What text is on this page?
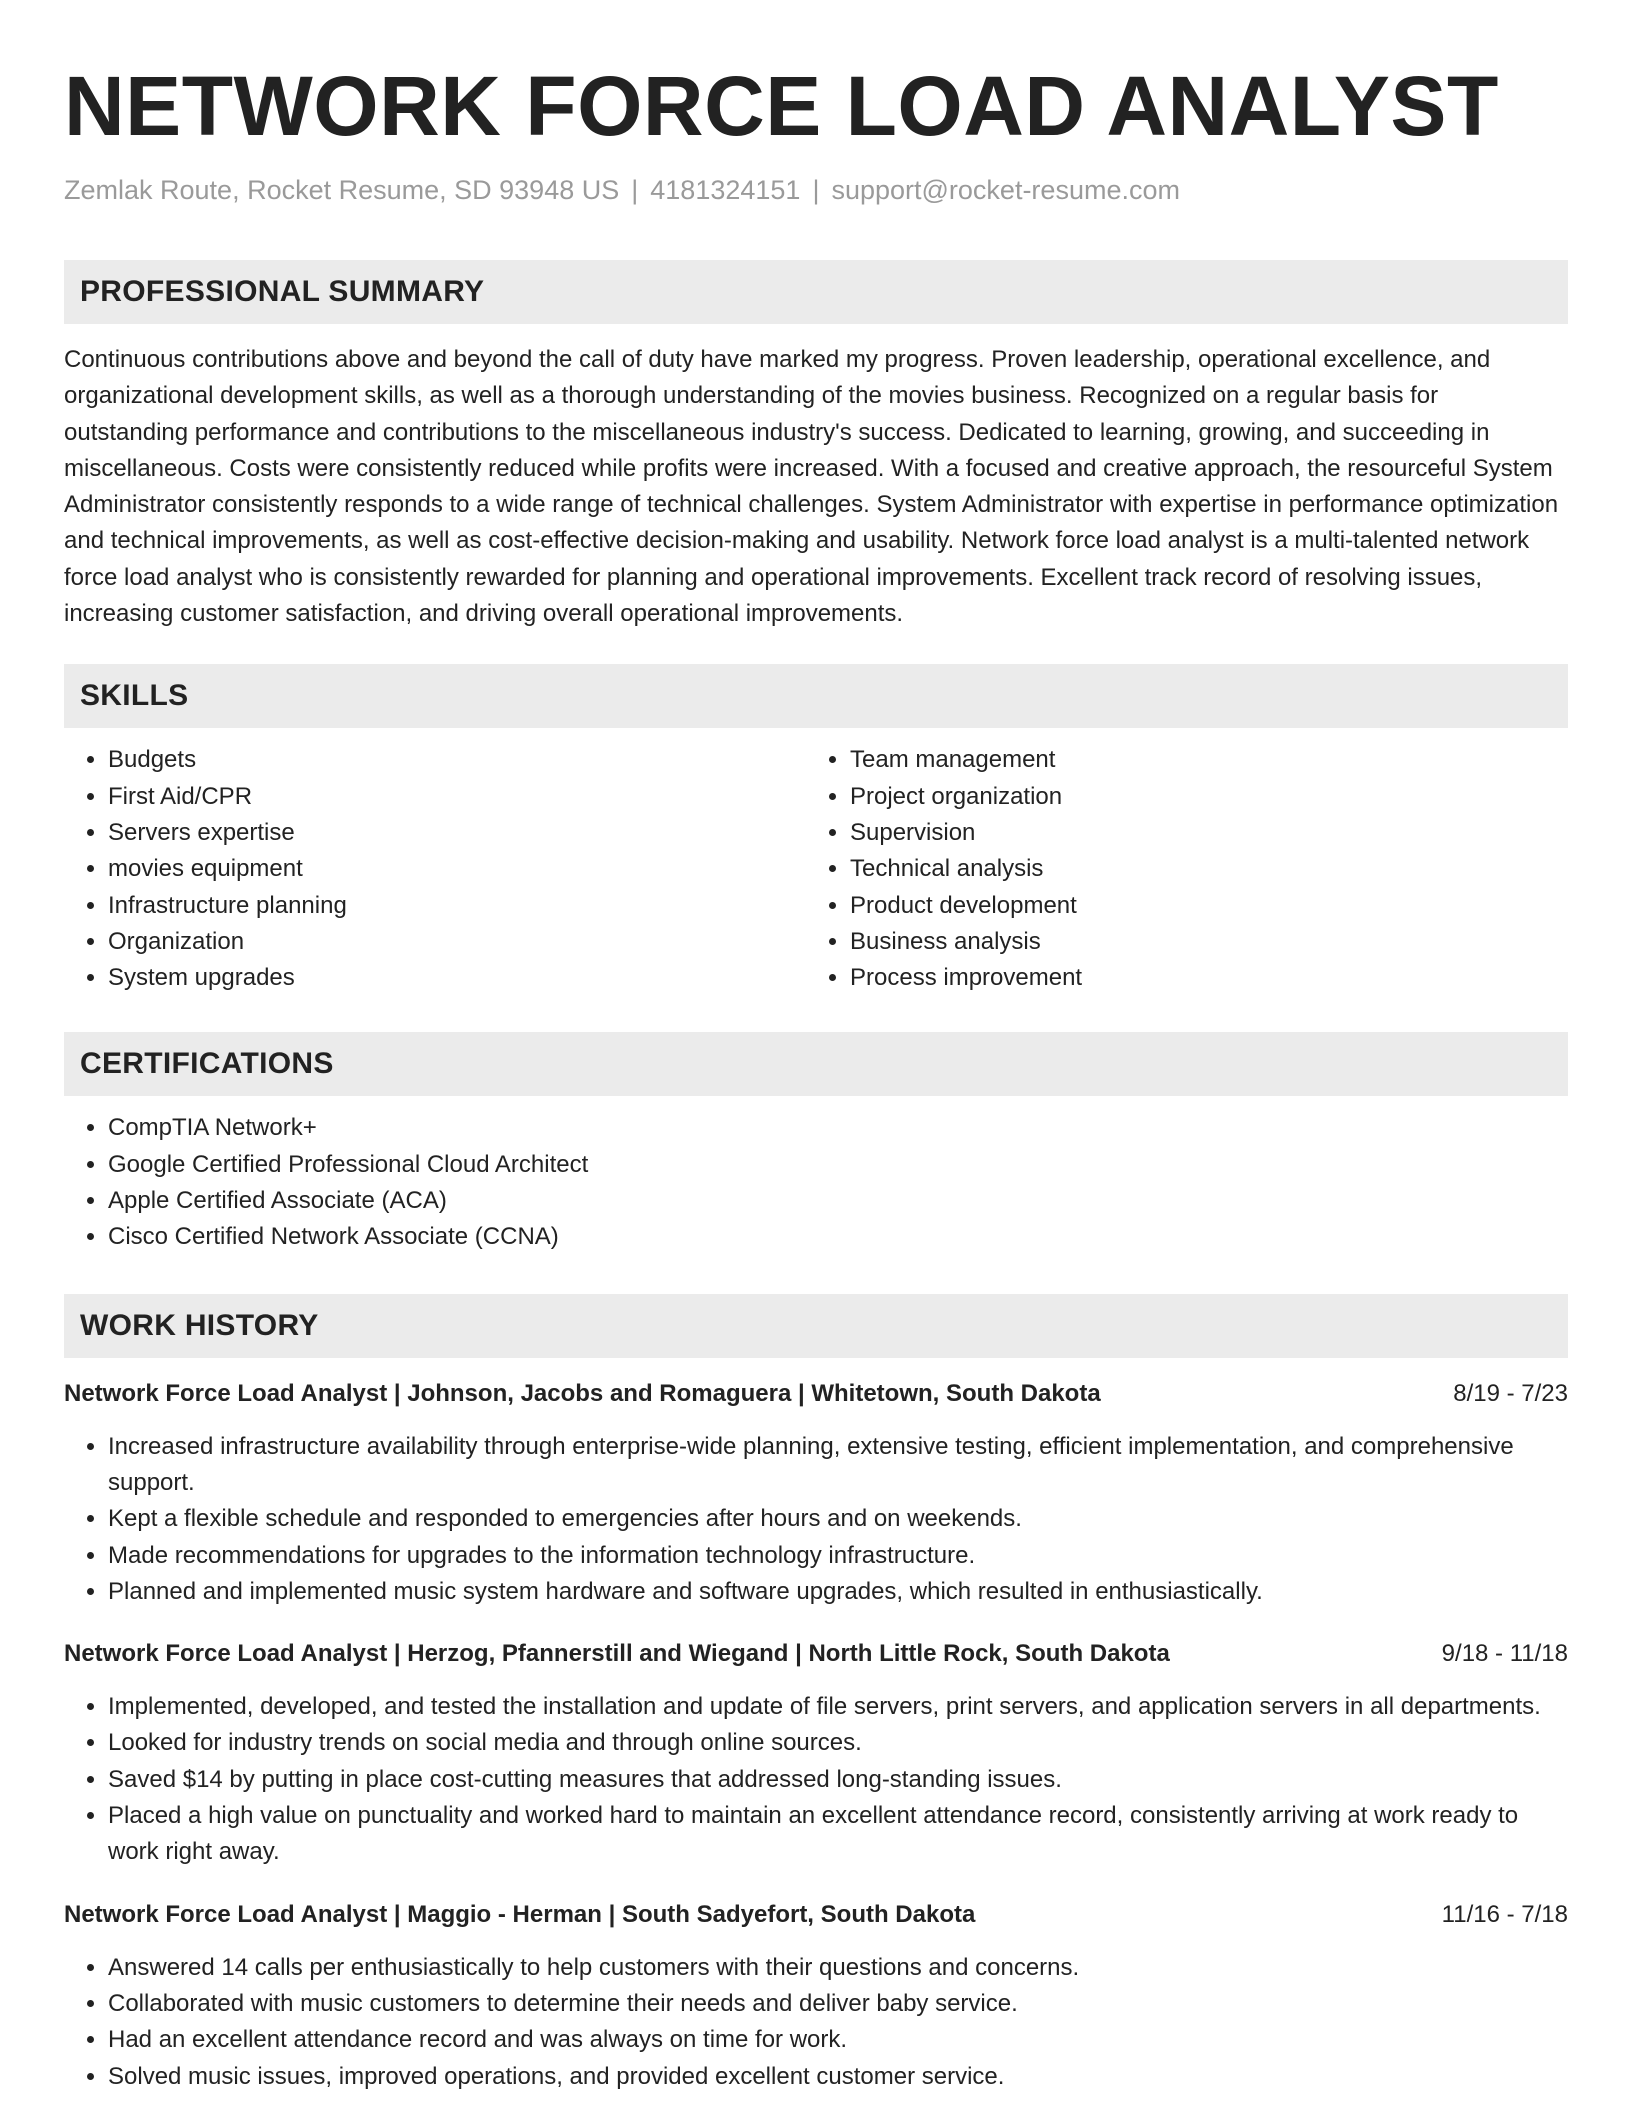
NETWORK FORCE LOAD ANALYST
Zemlak Route, Rocket Resume, SD 93948 US | 4181324151 | support@rocket-resume.com
PROFESSIONAL SUMMARY

Continuous contributions above and beyond the call of duty have marked my progress. Proven leadership, operational excellence, and organizational development skills, as well as a thorough understanding of the movies business. Recognized on a regular basis for outstanding performance and contributions to the miscellaneous industry's success. Dedicated to learning, growing, and succeeding in miscellaneous. Costs were consistently reduced while profits were increased. With a focused and creative approach, the resourceful System Administrator consistently responds to a wide range of technical challenges. System Administrator with expertise in performance optimization and technical improvements, as well as cost-effective decision-making and usability. Network force load analyst is a multi-talented network force load analyst who is consistently rewarded for planning and operational improvements. Excellent track record of resolving issues, increasing customer satisfaction, and driving overall operational improvements.

SKILLS
• Budgets
• First Aid/CPR
• Servers expertise
• movies equipment
• Infrastructure planning
• Organization
• System upgrades
• Team management
• Project organization
• Supervision
• Technical analysis
• Product development
• Business analysis
• Process improvement
CERTIFICATIONS
• CompTIA Network+
• Google Certified Professional Cloud Architect
• Apple Certified Associate (ACA)
• Cisco Certified Network Associate (CCNA)
WORK HISTORY
Network Force Load Analyst | Johnson, Jacobs and Romaguera | Whitetown, South Dakota	8/19 - 7/23
• Increased infrastructure availability through enterprise-wide planning, extensive testing, efficient implementation, and comprehensive support.
• Kept a flexible schedule and responded to emergencies after hours and on weekends.
• Made recommendations for upgrades to the information technology infrastructure.
• Planned and implemented music system hardware and software upgrades, which resulted in enthusiastically.
Network Force Load Analyst | Herzog, Pfannerstill and Wiegand | North Little Rock, South Dakota	9/18 - 11/18
• Implemented, developed, and tested the installation and update of file servers, print servers, and application servers in all departments.
• Looked for industry trends on social media and through online sources.
• Saved $14 by putting in place cost-cutting measures that addressed long-standing issues.
• Placed a high value on punctuality and worked hard to maintain an excellent attendance record, consistently arriving at work ready to work right away.
Network Force Load Analyst | Maggio - Herman | South Sadyefort, South Dakota	11/16 - 7/18
• Answered 14 calls per enthusiastically to help customers with their questions and concerns.
• Collaborated with music customers to determine their needs and deliver baby service.
• Had an excellent attendance record and was always on time for work.
• Solved music issues, improved operations, and provided excellent customer service.
